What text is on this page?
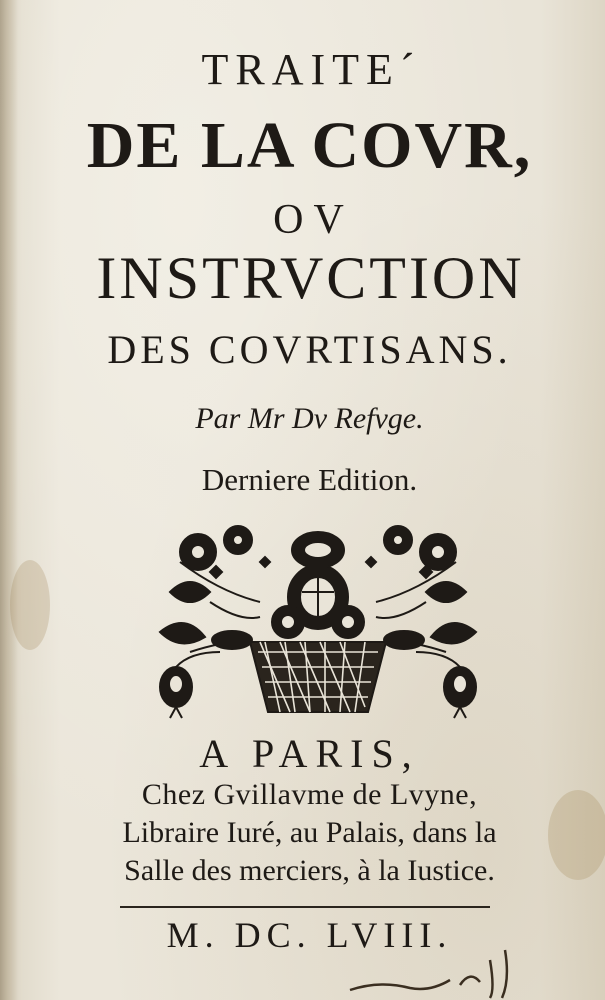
TRAITE´
DE LA COVR,
OV
INSTRVCTION
DES COVRTISANS.
Par Mr Dv Refvge.
Derniere Edition.
A PARIS,
Chez Gvillavme de Lvyne,
Libraire Iuré, au Palais, dans la
Salle des merciers, à la Iustice.
M. DC. LVIII.
